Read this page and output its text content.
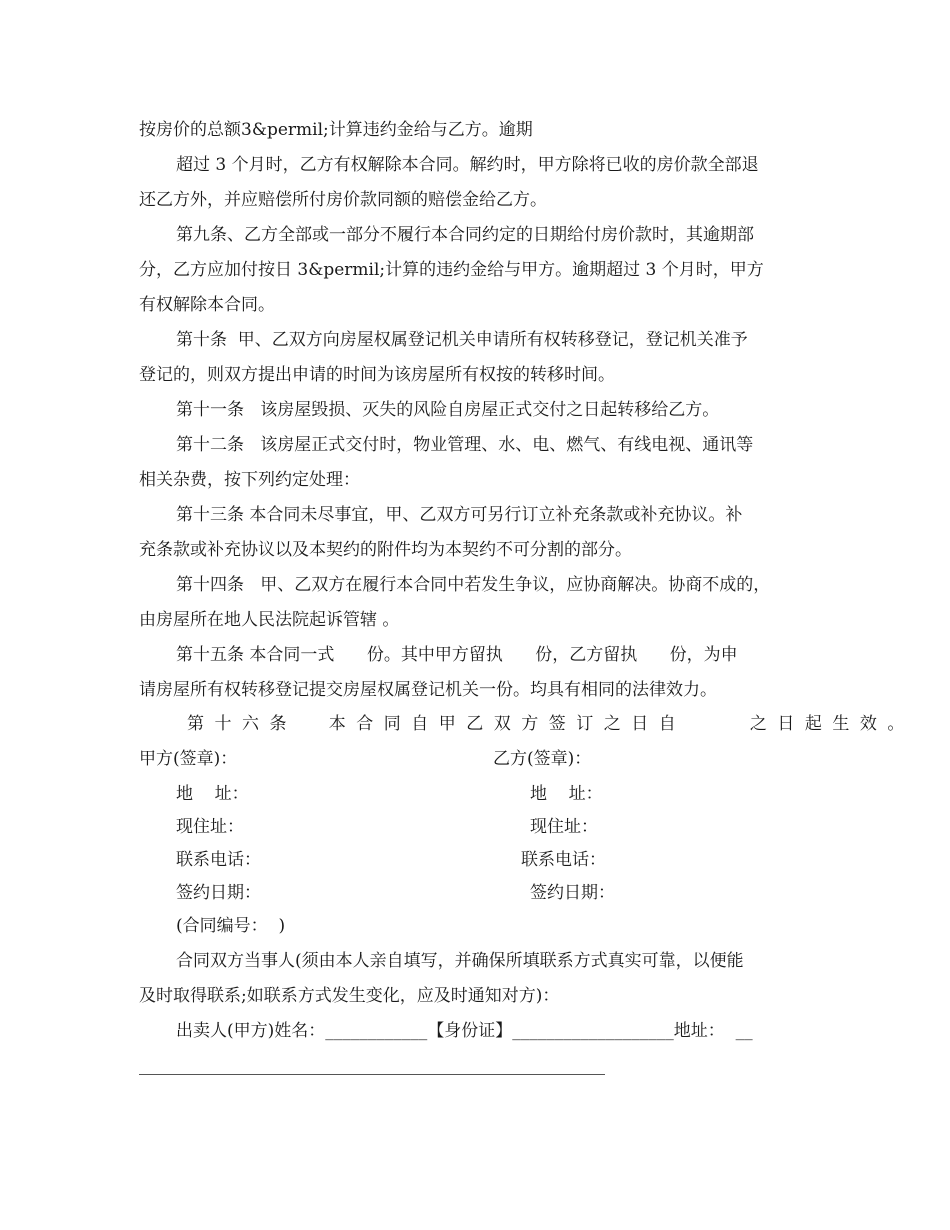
按房价的总额3&permil;计算违约金给与乙方。逾期
超过 3 个月时，乙方有权解除本合同。解约时，甲方除将已收的房价款全部退
还乙方外，并应赔偿所付房价款同额的赔偿金给乙方。
第九条、乙方全部或一部分不履行本合同约定的日期给付房价款时，其逾期部
分，乙方应加付按日 3&permil;计算的违约金给与甲方。逾期超过 3 个月时，甲方
有权解除本合同。
第十条  甲、乙双方向房屋权属登记机关申请所有权转移登记，登记机关准予
登记的，则双方提出申请的时间为该房屋所有权按的转移时间。
第十一条   该房屋毁损、灭失的风险自房屋正式交付之日起转移给乙方。
第十二条   该房屋正式交付时，物业管理、水、电、燃气、有线电视、通讯等
相关杂费，按下列约定处理：
第十三条 本合同未尽事宜，甲、乙双方可另行订立补充条款或补充协议。补
充条款或补充协议以及本契约的附件均为本契约不可分割的部分。
第十四条   甲、乙双方在履行本合同中若发生争议，应协商解决。协商不成的，
由房屋所在地人民法院起诉管辖 。
第十五条 本合同一式      份。其中甲方留执      份，乙方留执      份，为申
请房屋所有权转移登记提交房屋权属登记机关一份。均具有相同的法律效力。
第十六条  本合同自甲乙双方签订之日自    之日起生效。
甲方(签章)：	乙方(签章)：
地    址：	地    址：
现住址：	现住址：
联系电话：	联系电话：
签约日期：	签约日期：
(合同编号：  )
合同双方当事人(须由本人亲自填写，并确保所填联系方式真实可靠，以便能
及时取得联系;如联系方式发生变化，应及时通知对方)：
出卖人(甲方)姓名：____________【身份证】___________________地址：  __
